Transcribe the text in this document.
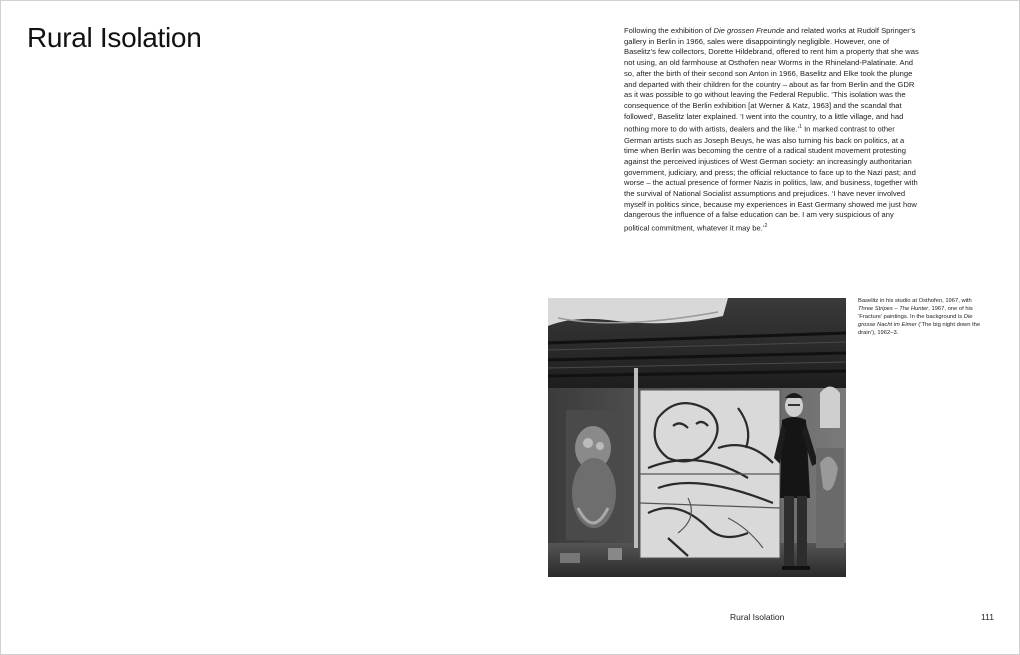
Rural Isolation	Following the exhibition of Die grossen Freunde and related works at Rudolf Springer’s gallery in Berlin in 1966, sales were disappointingly negligible. However, one of Baselitz’s few collectors, Dorette Hildebrand, offered to rent him a property that she was not using, an old farmhouse at Osthofen near Worms in the Rhineland-Palatinate. And so, after the birth of their second son Anton in 1966, Baselitz and Elke took the plunge and departed with their children for the country – about as far from Berlin and the GDR as it was possible to go without leaving the Federal Republic. ‘This isolation was the consequence of the Berlin exhibition [at Werner & Katz, 1963] and the scandal that followed’, Baselitz later explained. ‘I went into the country, to a little village, and had nothing more to do with artists, dealers and the like.’$^1$ In marked contrast to other German artists such as Joseph Beuys, he was also turning his back on politics, at a time when Berlin was becoming the centre of a radical student movement protesting against the perceived injustices of West German society: an increasingly authoritarian government, judiciary, and press; the official reluctance to face up to the Nazi past; and worse – the actual presence of former Nazis in politics, law, and business, together with the survival of National Socialist assumptions and prejudices. ‘I have never involved myself in politics since, because my experiences in East Germany showed me just how dangerous the influence of a false education can be. I am very suspicious of any political commitment, whatever it may be.’$^2$

Baselitz in his studio at Osthofen, 1967, with Three Stripes – The Hunter, 1967, one of his ‘Fracture’ paintings. In the background is Die grosse Nacht im Eimer (‘The big night down the drain’), 1962–3.

Rural Isolation	111
